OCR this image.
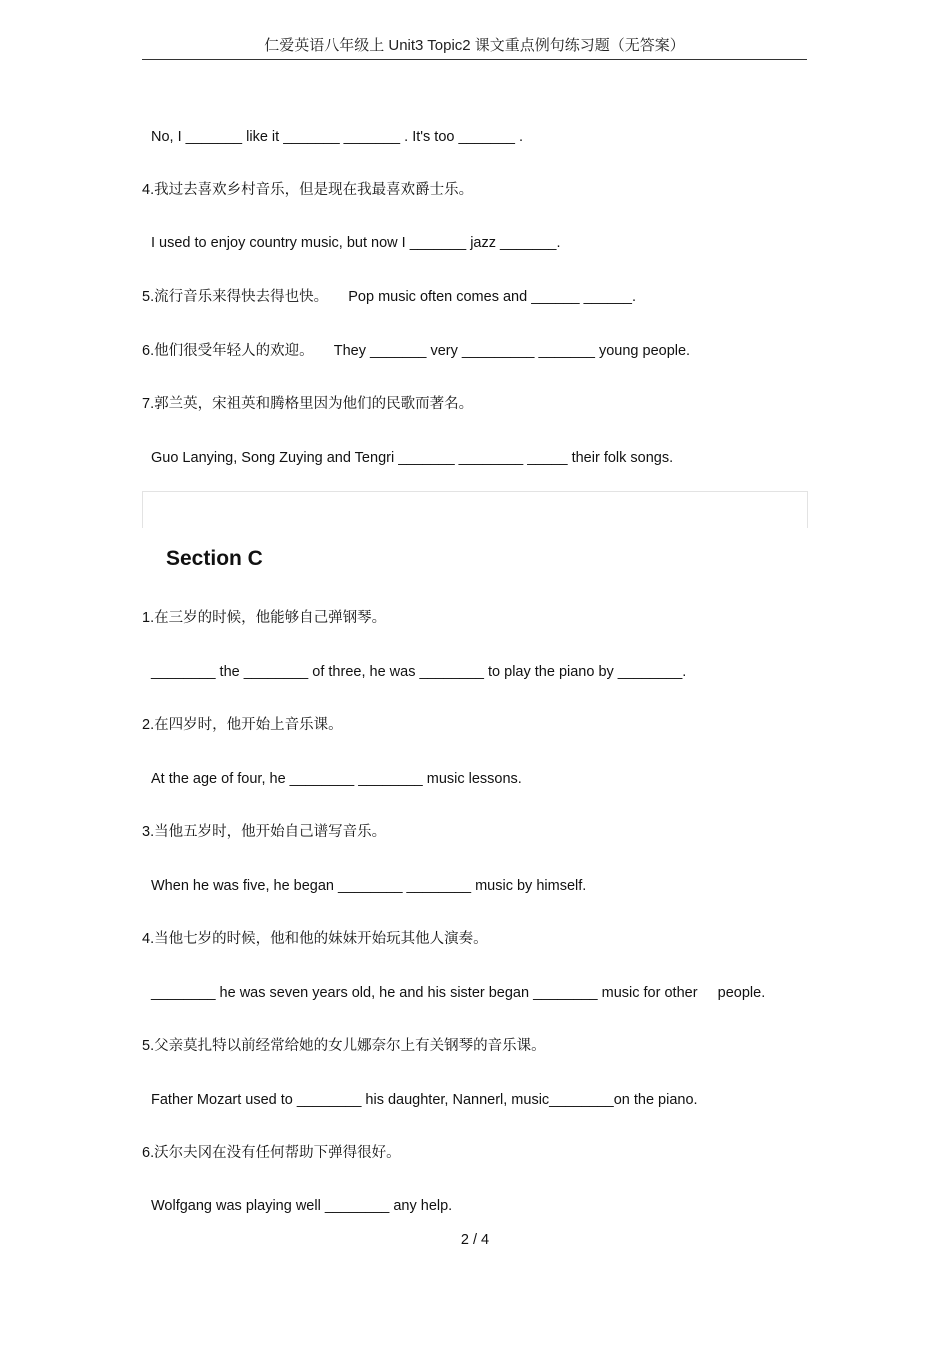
仁爱英语八年级上 Unit3 Topic2 课文重点例句练习题（无答案）
No, I _______ like it _______ _______ . It's too _______ .
4.我过去喜欢乡村音乐，但是现在我最喜欢爵士乐。
I used to enjoy country music, but now I _______ jazz _______.
5.流行音乐来得快去得也快。     Pop music often comes and ______ ______.
6.他们很受年轻人的欢迎。     They _______ very _________ _______ young people.
7.郭兰英，宋祖英和腾格里因为他们的民歌而著名。
Guo Lanying, Song Zuying and Tengri _______ ________ _____ their folk songs.
Section C
1.在三岁的时候，他能够自己弹钢琴。
________ the ________ of three, he was ________ to play the piano by ________.
2.在四岁时，他开始上音乐课。
At the age of four, he ________ ________ music lessons.
3.当他五岁时，他开始自己谱写音乐。
When he was five, he began ________ ________ music by himself.
4.当他七岁的时候，他和他的妹妹开始玩其他人演奏。
________ he was seven years old, he and his sister began ________ music for other     people.
5.父亲莫扎特以前经常给她的女儿娜奈尔上有关钢琴的音乐课。
Father Mozart used to ________ his daughter, Nannerl, music________on the piano.
6.沃尔夫冈在没有任何帮助下弹得很好。
Wolfgang was playing well ________ any help.
2 / 4
